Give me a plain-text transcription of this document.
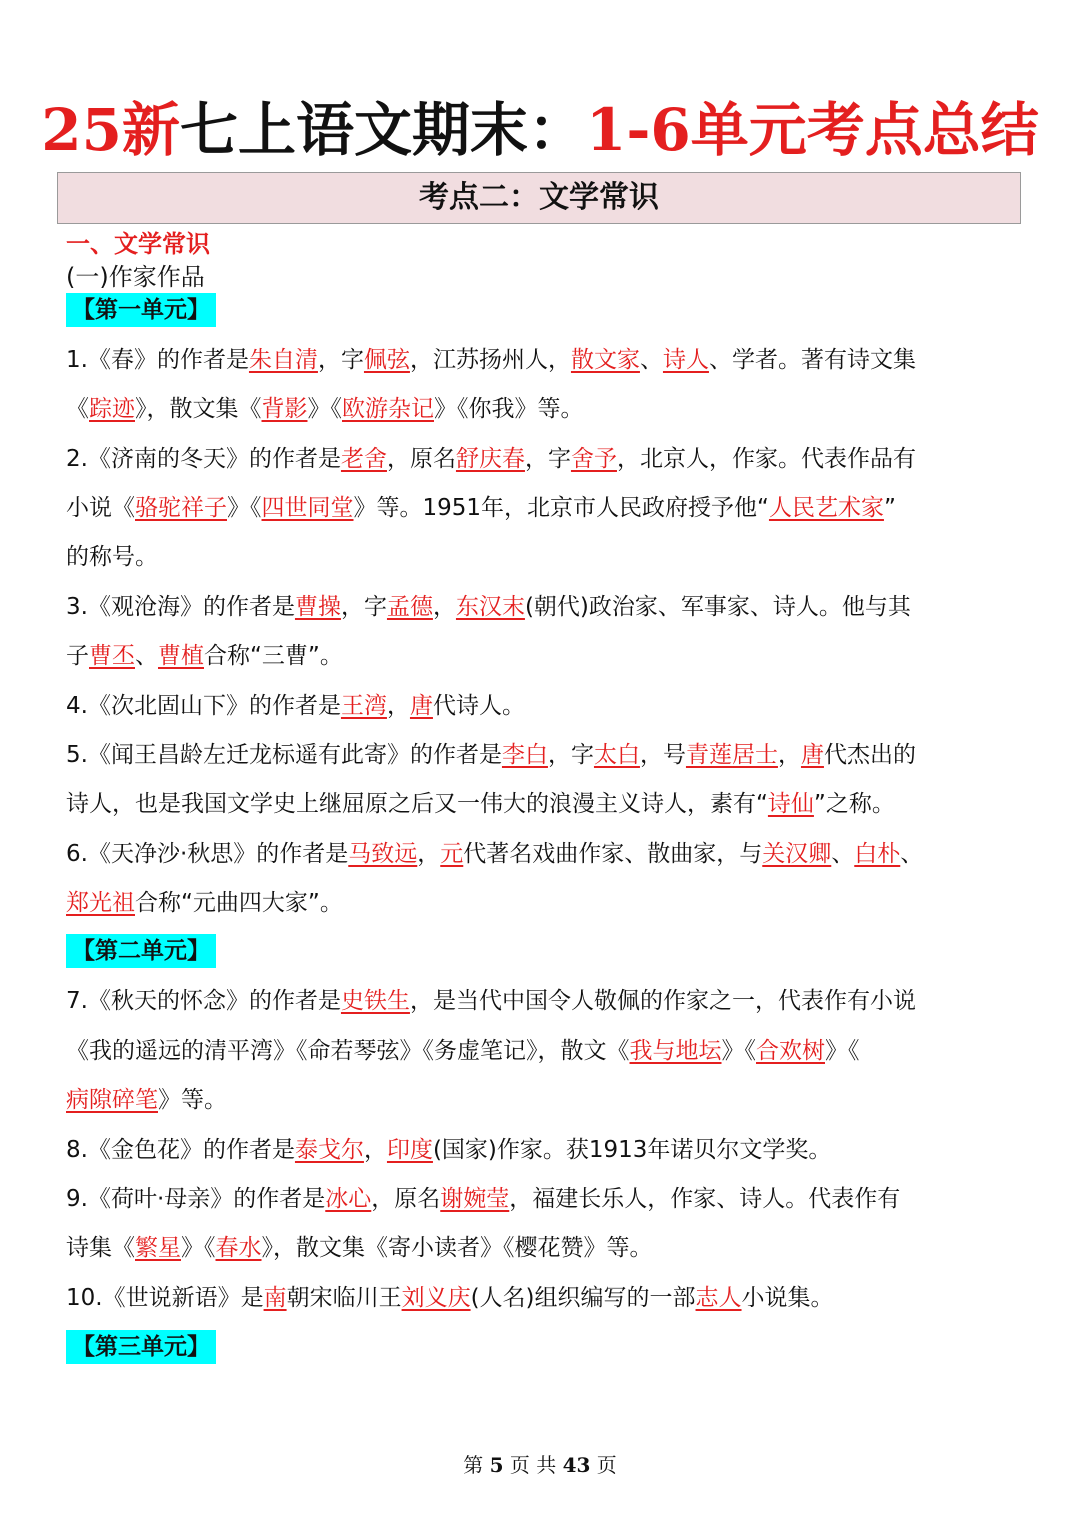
25新七上语文期末：1-6单元考点总结
考点二：文学常识
一、文学常识
(一)作家作品
【第一单元】
1.《春》的作者是朱自清，字佩弦，江苏扬州人，散文家、诗人、学者。著有诗文集
《踪迹》，散文集《背影》《欧游杂记》《你我》等。
2.《济南的冬天》的作者是老舍，原名舒庆春，字舍予，北京人，作家。代表作品有
小说《骆驼祥子》《四世同堂》等。1951年，北京市人民政府授予他“人民艺术家”
的称号。
3.《观沧海》的作者是曹操，字孟德，东汉末(朝代)政治家、军事家、诗人。他与其
子曹丕、曹植合称“三曹”。
4.《次北固山下》的作者是王湾，唐代诗人。
5.《闻王昌龄左迁龙标遥有此寄》的作者是李白，字太白，号青莲居士，唐代杰出的
诗人，也是我国文学史上继屈原之后又一伟大的浪漫主义诗人，素有“诗仙”之称。
6.《天净沙·秋思》的作者是马致远，元代著名戏曲作家、散曲家，与关汉卿、白朴、
郑光祖合称“元曲四大家”。
【第二单元】
7.《秋天的怀念》的作者是史铁生，是当代中国令人敬佩的作家之一，代表作有小说
《我的遥远的清平湾》《命若琴弦》《务虚笔记》，散文《我与地坛》《合欢树》《
病隙碎笔》等。
8.《金色花》的作者是泰戈尔，印度(国家)作家。获1913年诺贝尔文学奖。
9.《荷叶·母亲》的作者是冰心，原名谢婉莹，福建长乐人，作家、诗人。代表作有
诗集《繁星》《春水》，散文集《寄小读者》《樱花赞》等。
10.《世说新语》是南朝宋临川王刘义庆(人名)组织编写的一部志人小说集。
【第三单元】
第 5 页 共 43 页
